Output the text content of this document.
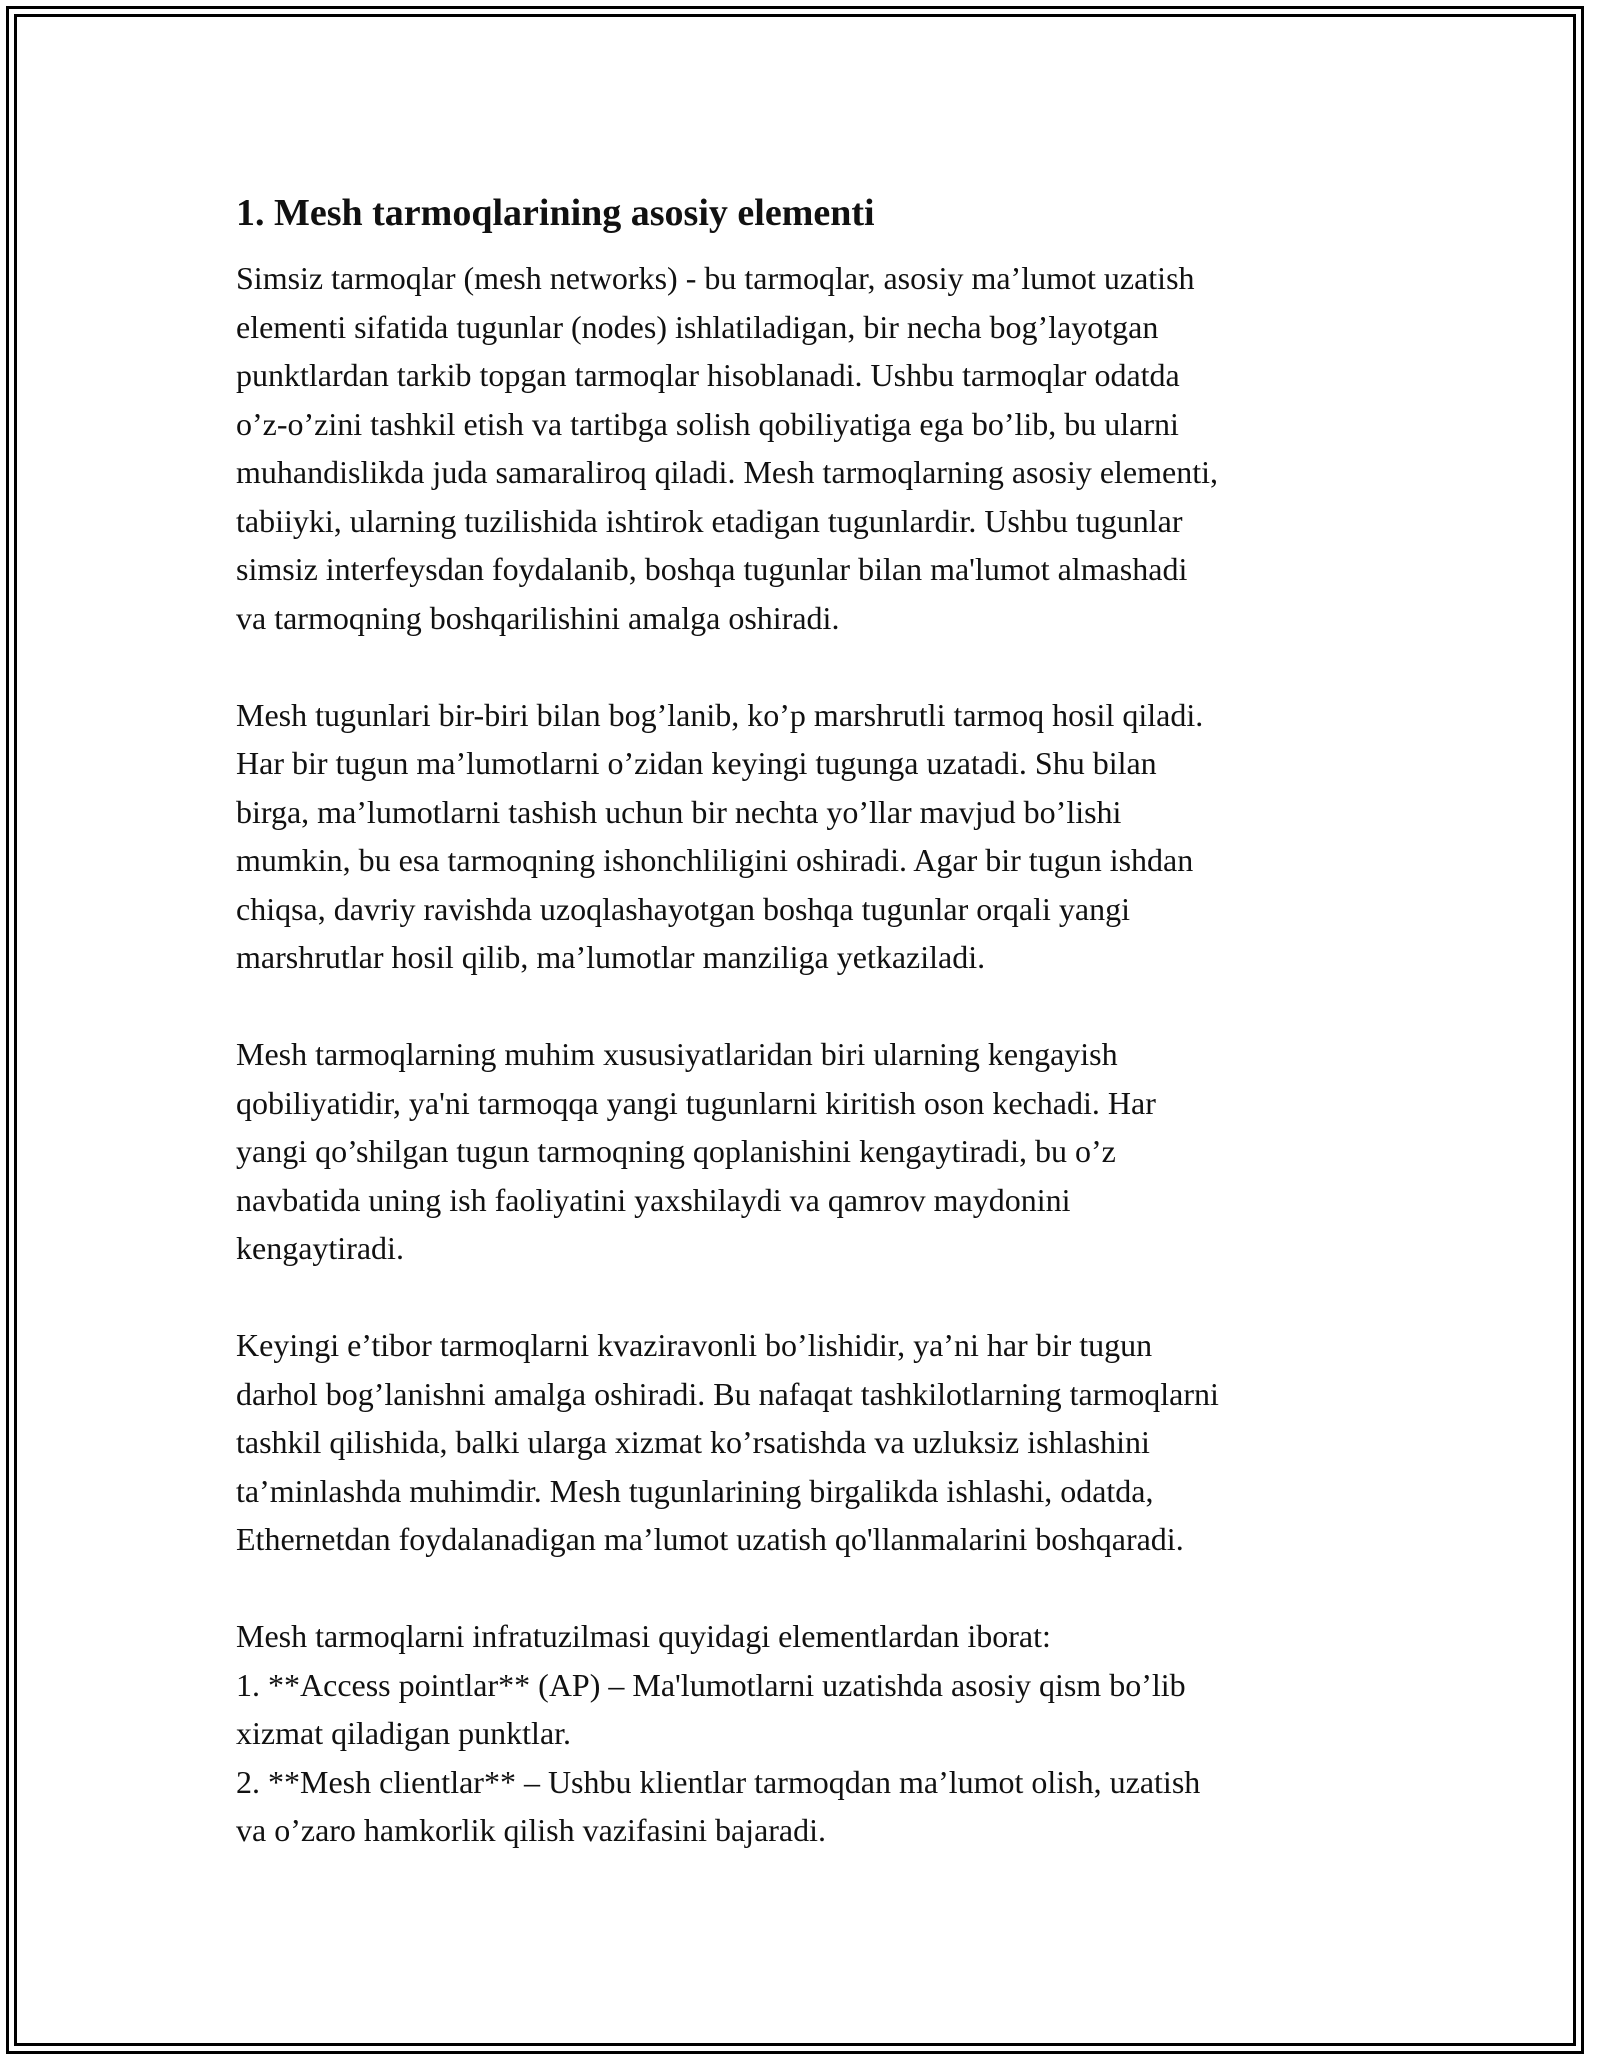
1. Mesh tarmoqlarining asosiy elementi
Simsiz tarmoqlar (mesh networks) - bu tarmoqlar, asosiy ma’lumot uzatish
elementi sifatida tugunlar (nodes) ishlatiladigan, bir necha bog’layotgan
punktlardan tarkib topgan tarmoqlar hisoblanadi. Ushbu tarmoqlar odatda
o’z-o’zini tashkil etish va tartibga solish qobiliyatiga ega bo’lib, bu ularni
muhandislikda juda samaraliroq qiladi. Mesh tarmoqlarning asosiy elementi,
tabiiyki, ularning tuzilishida ishtirok etadigan tugunlardir. Ushbu tugunlar
simsiz interfeysdan foydalanib, boshqa tugunlar bilan ma'lumot almashadi
va tarmoqning boshqarilishini amalga oshiradi.
Mesh tugunlari bir-biri bilan bog’lanib, ko’p marshrutli tarmoq hosil qiladi.
Har bir tugun ma’lumotlarni o’zidan keyingi tugunga uzatadi. Shu bilan
birga, ma’lumotlarni tashish uchun bir nechta yo’llar mavjud bo’lishi
mumkin, bu esa tarmoqning ishonchliligini oshiradi. Agar bir tugun ishdan
chiqsa, davriy ravishda uzoqlashayotgan boshqa tugunlar orqali yangi
marshrutlar hosil qilib, ma’lumotlar manziliga yetkaziladi.
Mesh tarmoqlarning muhim xususiyatlaridan biri ularning kengayish
qobiliyatidir, ya'ni tarmoqqa yangi tugunlarni kiritish oson kechadi. Har
yangi qo’shilgan tugun tarmoqning qoplanishini kengaytiradi, bu o’z
navbatida uning ish faoliyatini yaxshilaydi va qamrov maydonini
kengaytiradi.
Keyingi e’tibor tarmoqlarni kvaziravonli bo’lishidir, ya’ni har bir tugun
darhol bog’lanishni amalga oshiradi. Bu nafaqat tashkilotlarning tarmoqlarni
tashkil qilishida, balki ularga xizmat ko’rsatishda va uzluksiz ishlashini
ta’minlashda muhimdir. Mesh tugunlarining birgalikda ishlashi, odatda,
Ethernetdan foydalanadigan ma’lumot uzatish qo'llanmalarini boshqaradi.
Mesh tarmoqlarni infratuzilmasi quyidagi elementlardan iborat:
1. **Access pointlar** (AP) – Ma'lumotlarni uzatishda asosiy qism bo’lib
xizmat qiladigan punktlar.
2. **Mesh clientlar** – Ushbu klientlar tarmoqdan ma’lumot olish, uzatish
va o’zaro hamkorlik qilish vazifasini bajaradi.
